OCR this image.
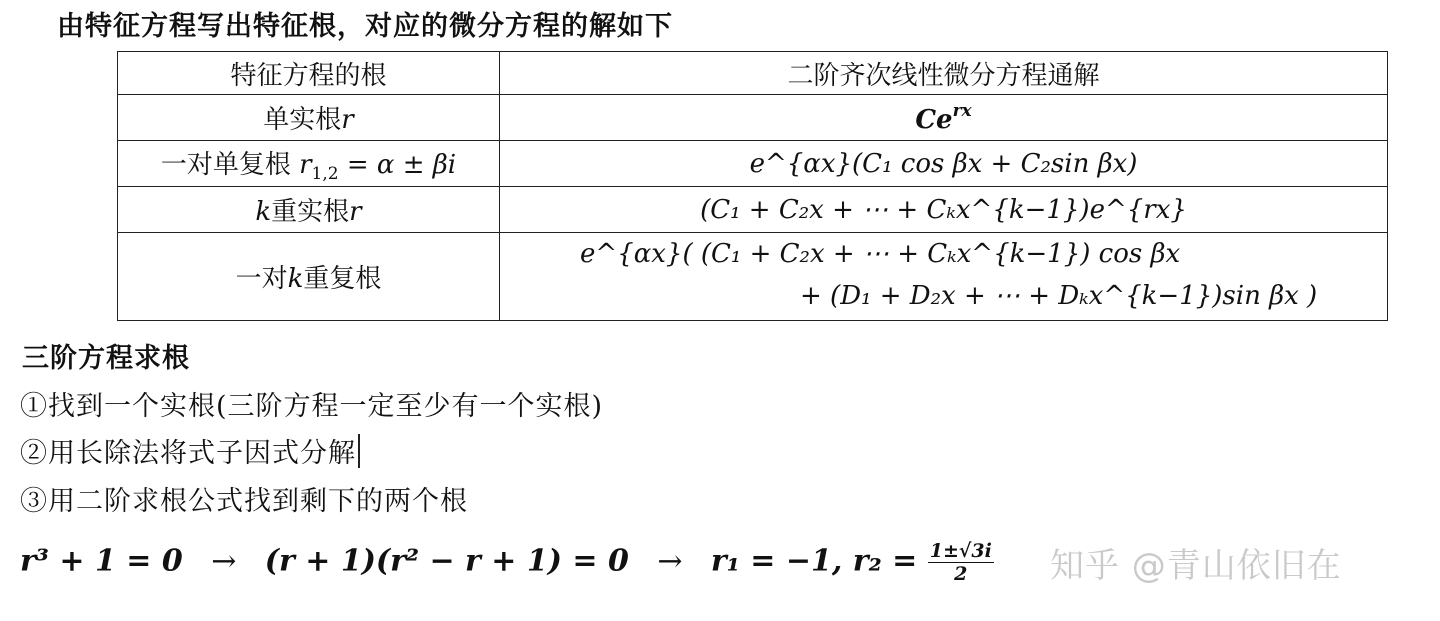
由特征方程写出特征根，对应的微分方程的解如下
特征方程的根	二阶齐次线性微分方程通解
单实根r	$Ce^{rx}$
一对单复根 $r_{1,2} = \alpha \pm \beta i$	e^{αx}(C₁ cos βx + C₂sin βx)
k重实根r	(C₁ + C₂x + ⋯ + Cₖx^{k−1})e^{rx}
一对k重复根	e^{αx}( (C₁ + C₂x + ⋯ + Cₖx^{k−1}) cos βx
+ (D₁ + D₂x + ⋯ + Dₖx^{k−1})sin βx )
三阶方程求根
①找到一个实根(三阶方程一定至少有一个实根)
②用长除法将式子因式分解
③用二阶求根公式找到剩下的两个根
r³ + 1 = 0 → (r + 1)(r² − r + 1) = 0 → r₁ = −1, $r_2 = \frac{1\pm√3i}{2}$ 知乎 @青山依旧在
